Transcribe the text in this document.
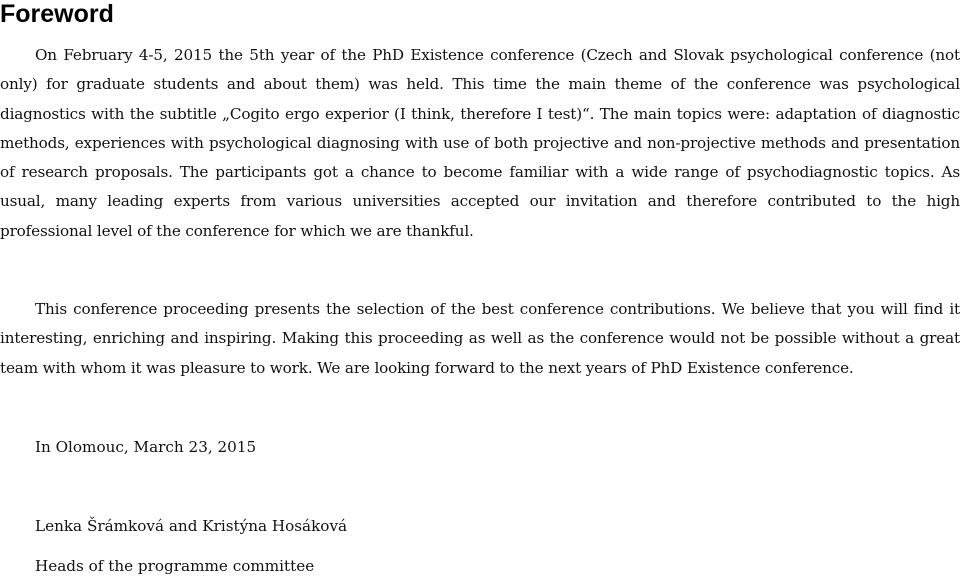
Foreword

On February 4-5, 2015 the 5th year of the PhD Existence conference (Czech and Slovak psychological conference (not only) for graduate students and about them) was held. This time the main theme of the conference was psychological diagnostics with the subtitle „Cogito ergo experior (I think, therefore I test)“. The main topics were: adaptation of diagnostic methods, experiences with psychological diagnosing with use of both projective and non-projective methods and presentation of research proposals. The participants got a chance to become familiar with a wide range of psychodiagnostic topics. As usual, many leading experts from various universities accepted our invitation and therefore contributed to the high professional level of the conference for which we are thankful.

This conference proceeding presents the selection of the best conference contributions. We believe that you will find it interesting, enriching and inspiring. Making this proceeding as well as the conference would not be possible without a great team with whom it was pleasure to work. We are looking forward to the next years of PhD Existence conference.

In Olomouc, March 23, 2015

Lenka Šrámková and Kristýna Hosáková

Heads of the programme committee
